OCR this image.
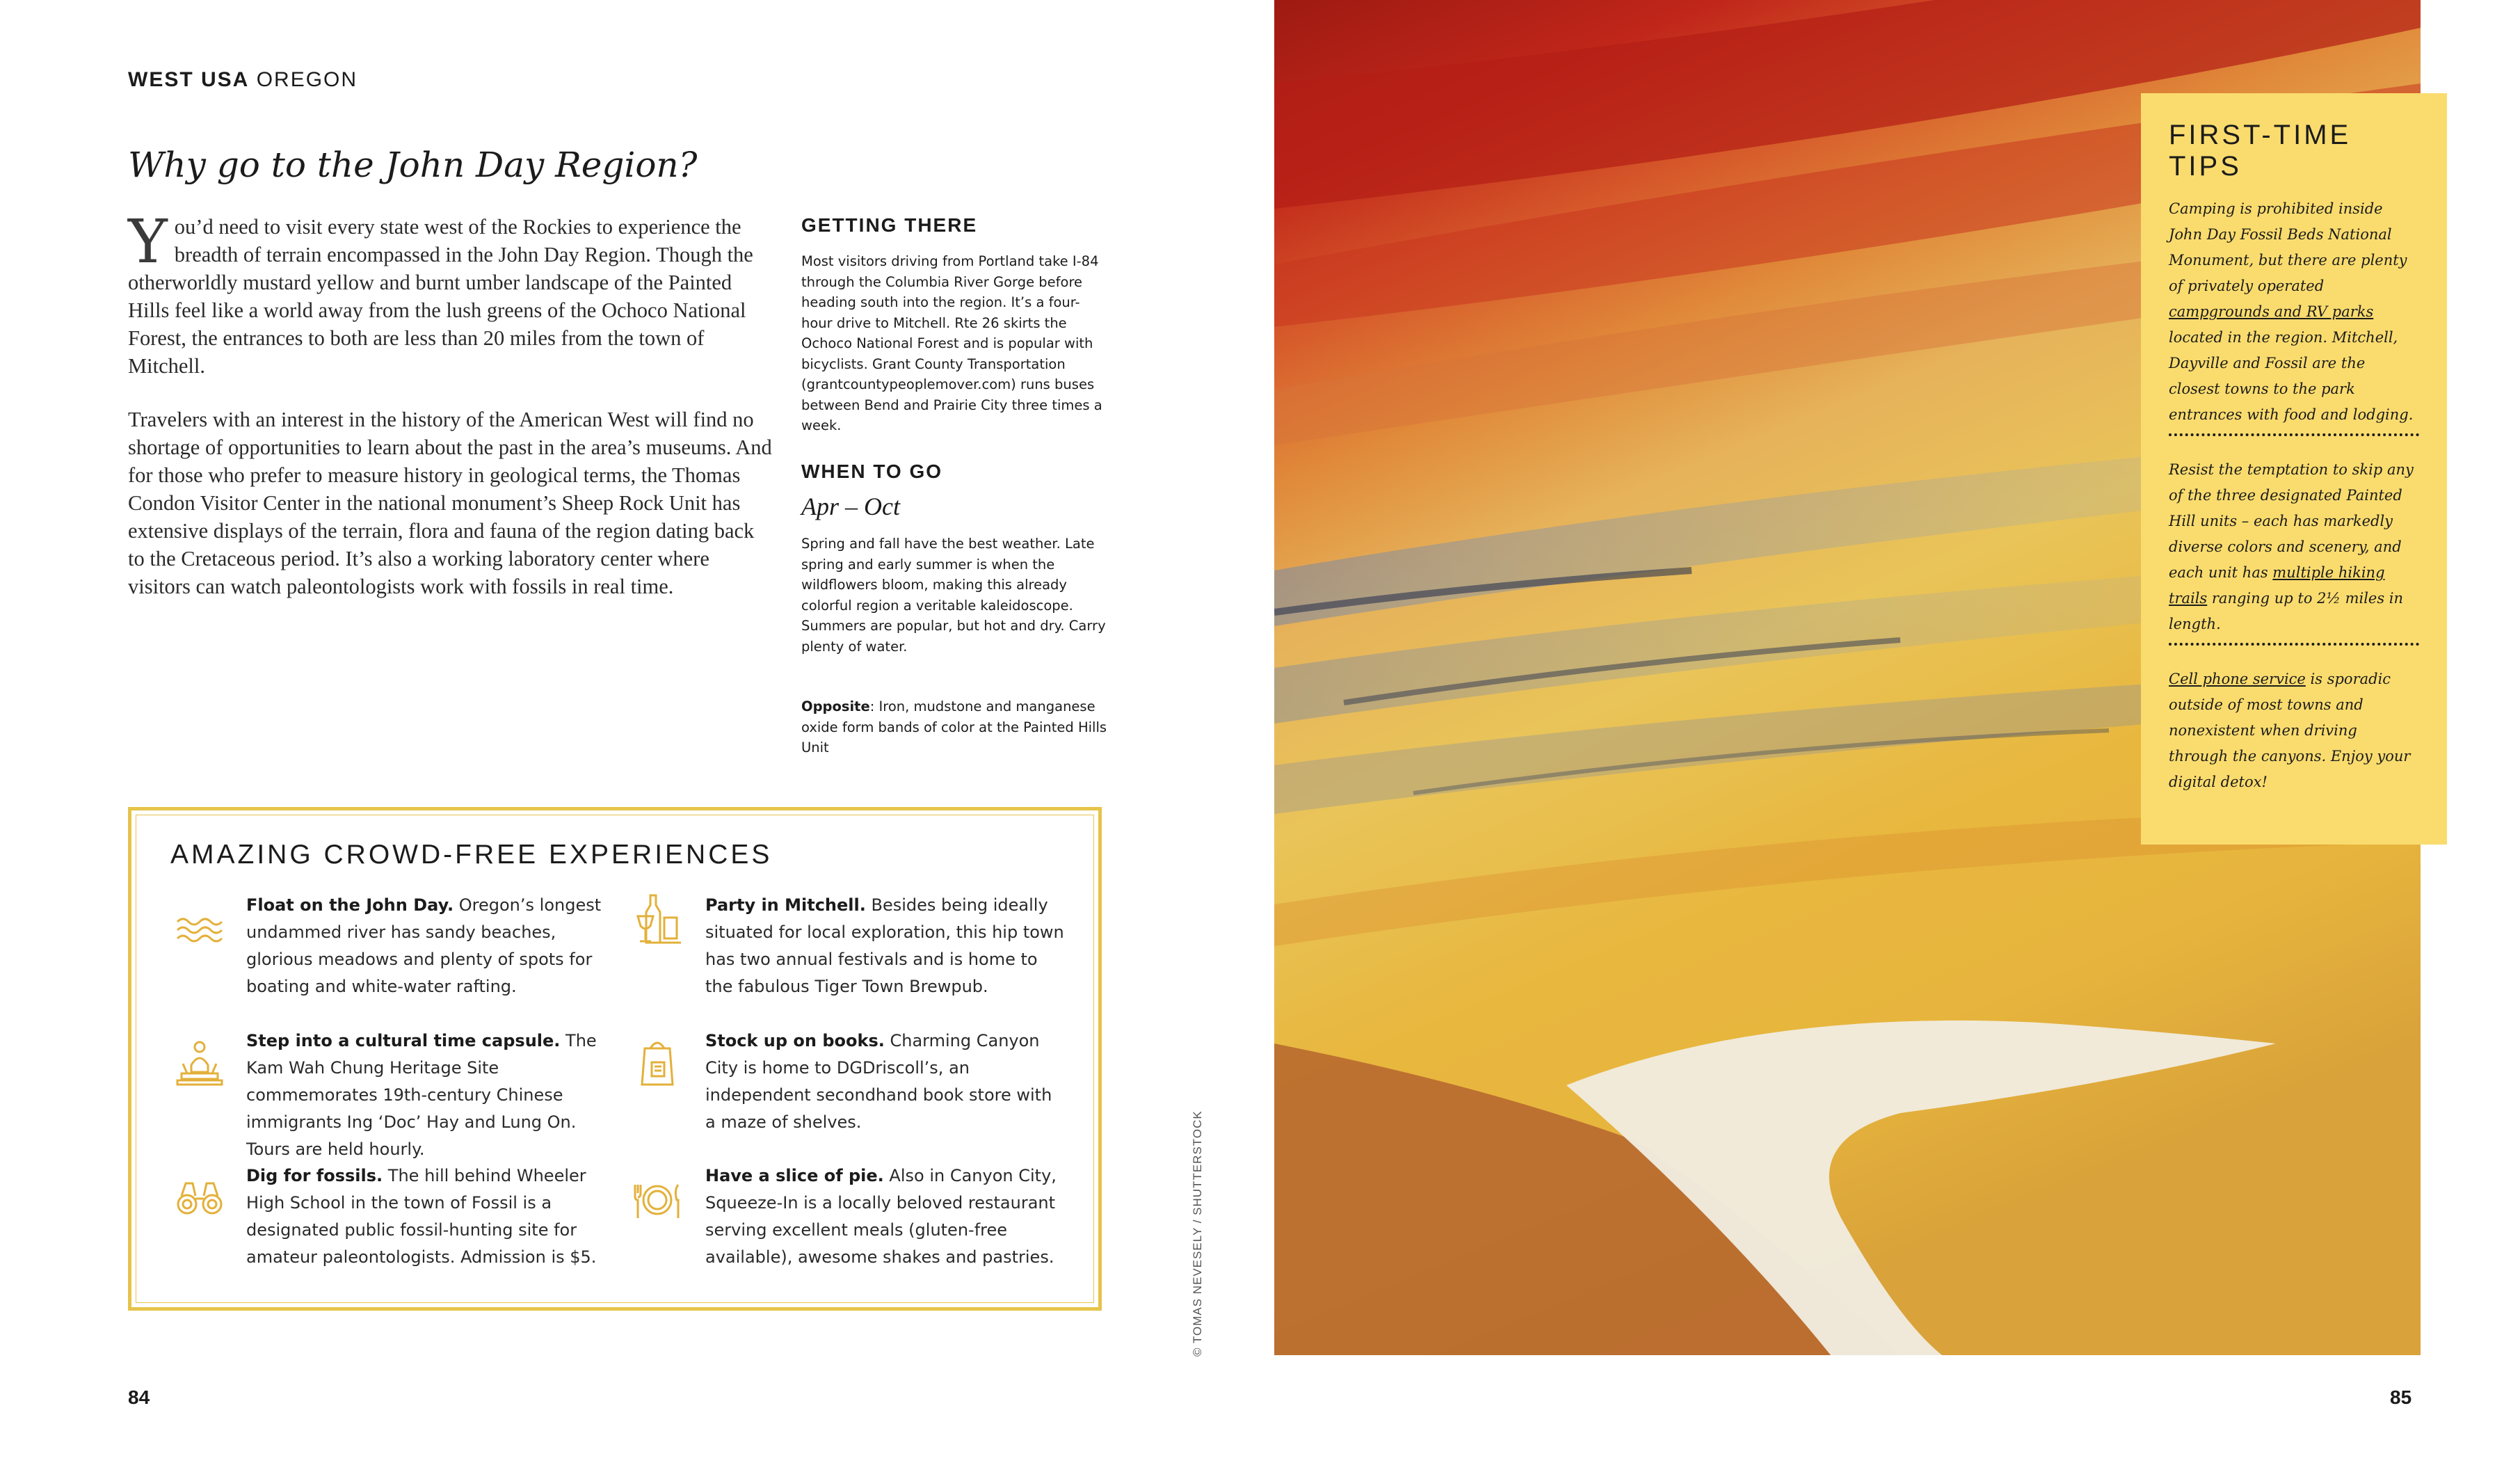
WEST USA OREGON
Why go to the John Day Region?

You’d need to visit every state west of the Rockies to experience the breadth of terrain encompassed in the John Day Region. Though the otherworldly mustard yellow and burnt umber landscape of the Painted Hills feel like a world away from the lush greens of the Ochoco National Forest, the entrances to both are less than 20 miles from the town of Mitchell.

Travelers with an interest in the history of the American West will find no shortage of opportunities to learn about the past in the area’s museums. And for those who prefer to measure history in geological terms, the Thomas Condon Visitor Center in the national monument’s Sheep Rock Unit has extensive displays of the terrain, flora and fauna of the region dating back to the Cretaceous period. It’s also a working laboratory center where visitors can watch paleontologists work with fossils in real time.

GETTING THERE
Most visitors driving from Portland take I-84 through the Columbia River Gorge before heading south into the region. It’s a four-hour drive to Mitchell. Rte 26 skirts the Ochoco National Forest and is popular with bicyclists. Grant County Transportation (grantcountypeoplemover.com) runs buses between Bend and Prairie City three times a week.
WHEN TO GO
Apr – Oct
Spring and fall have the best weather. Late spring and early summer is when the wildflowers bloom, making this already colorful region a veritable kaleidoscope. Summers are popular, but hot and dry. Carry plenty of water.
Opposite: Iron, mudstone and manganese oxide form bands of color at the Painted Hills Unit
AMAZING CROWD-FREE EXPERIENCES
Float on the John Day. Oregon’s longest undammed river has sandy beaches, glorious meadows and plenty of spots for boating and white-water rafting.
Step into a cultural time capsule. The Kam Wah Chung Heritage Site commemorates 19th-century Chinese immigrants Ing ‘Doc’ Hay and Lung On. Tours are held hourly.
Dig for fossils. The hill behind Wheeler High School in the town of Fossil is a designated public fossil-hunting site for amateur paleontologists. Admission is $5.
Party in Mitchell. Besides being ideally situated for local exploration, this hip town has two annual festivals and is home to the fabulous Tiger Town Brewpub.
Stock up on books. Charming Canyon City is home to DGDriscoll’s, an independent secondhand book store with a maze of shelves.
Have a slice of pie. Also in Canyon City, Squeeze-In is a locally beloved restaurant serving excellent meals (gluten-free available), awesome shakes and pastries.	© TOMAS NEVESELY / SHUTTERSTOCK
84	85
FIRST-TIME TIPS
Camping is prohibited inside John Day Fossil Beds National Monument, but there are plenty of privately operated campgrounds and RV parks located in the region. Mitchell, Dayville and Fossil are the closest towns to the park entrances with food and lodging.
Resist the temptation to skip any of the three designated Painted Hill units – each has markedly diverse colors and scenery, and each unit has multiple hiking trails ranging up to 2½ miles in length.
Cell phone service is sporadic outside of most towns and nonexistent when driving through the canyons. Enjoy your digital detox!
